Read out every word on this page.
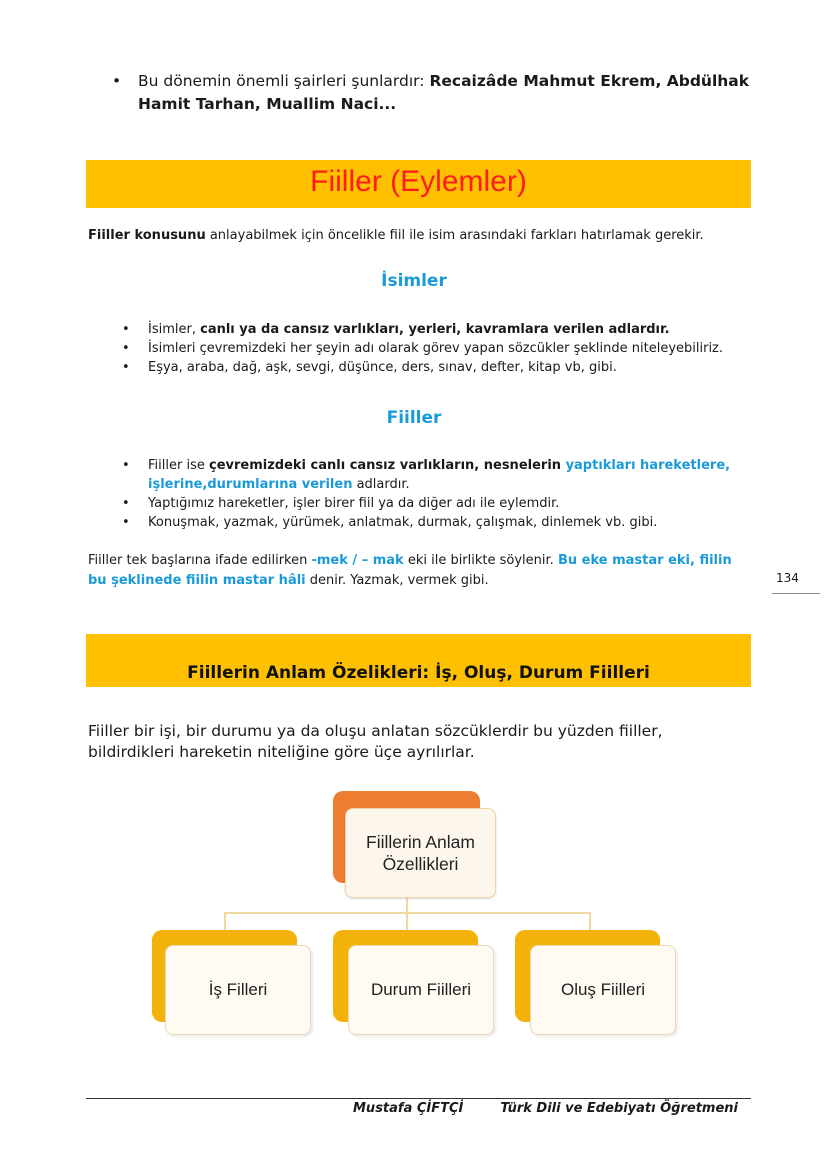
• Bu dönemin önemli şairleri şunlardır: Recaizâde Mahmut Ekrem, Abdülhak Hamit Tarhan, Muallim Naci...
Fiiller (Eylemler)
Fiiller konusunu anlayabilmek için öncelikle fiil ile isim arasındaki farkları hatırlamak gerekir.
İsimler
• İsimler, canlı ya da cansız varlıkları, yerleri, kavramlara verilen adlardır.
• İsimleri çevremizdeki her şeyin adı olarak görev yapan sözcükler şeklinde niteleyebiliriz.
• Eşya, araba, dağ, aşk, sevgi, düşünce, ders, sınav, defter, kitap vb, gibi.
Fiiller
• Fiiller ise çevremizdeki canlı cansız varlıkların, nesnelerin yaptıkları hareketlere, işlerine,durumlarına verilen adlardır.
• Yaptığımız hareketler, işler birer fiil ya da diğer adı ile eylemdir.
• Konuşmak, yazmak, yürümek, anlatmak, durmak, çalışmak, dinlemek vb. gibi.
Fiiller tek başlarına ifade edilirken -mek / – mak eki ile birlikte söylenir. Bu eke mastar eki, fiilin bu şeklinede fiilin mastar hâli denir. Yazmak, vermek gibi.	134
Fiillerin Anlam Özelikleri: İş, Oluş, Durum Fiilleri
Fiiller bir işi, bir durumu ya da oluşu anlatan sözcüklerdir bu yüzden fiiller, bildirdikleri hareketin niteliğine göre üçe ayrılırlar.
Fiillerin Anlam
Özellikleri
İş Filleri	Durum Fiilleri	Oluş Fiilleri
Mustafa ÇİFTÇİ	Türk Dili ve Edebiyatı Öğretmeni
